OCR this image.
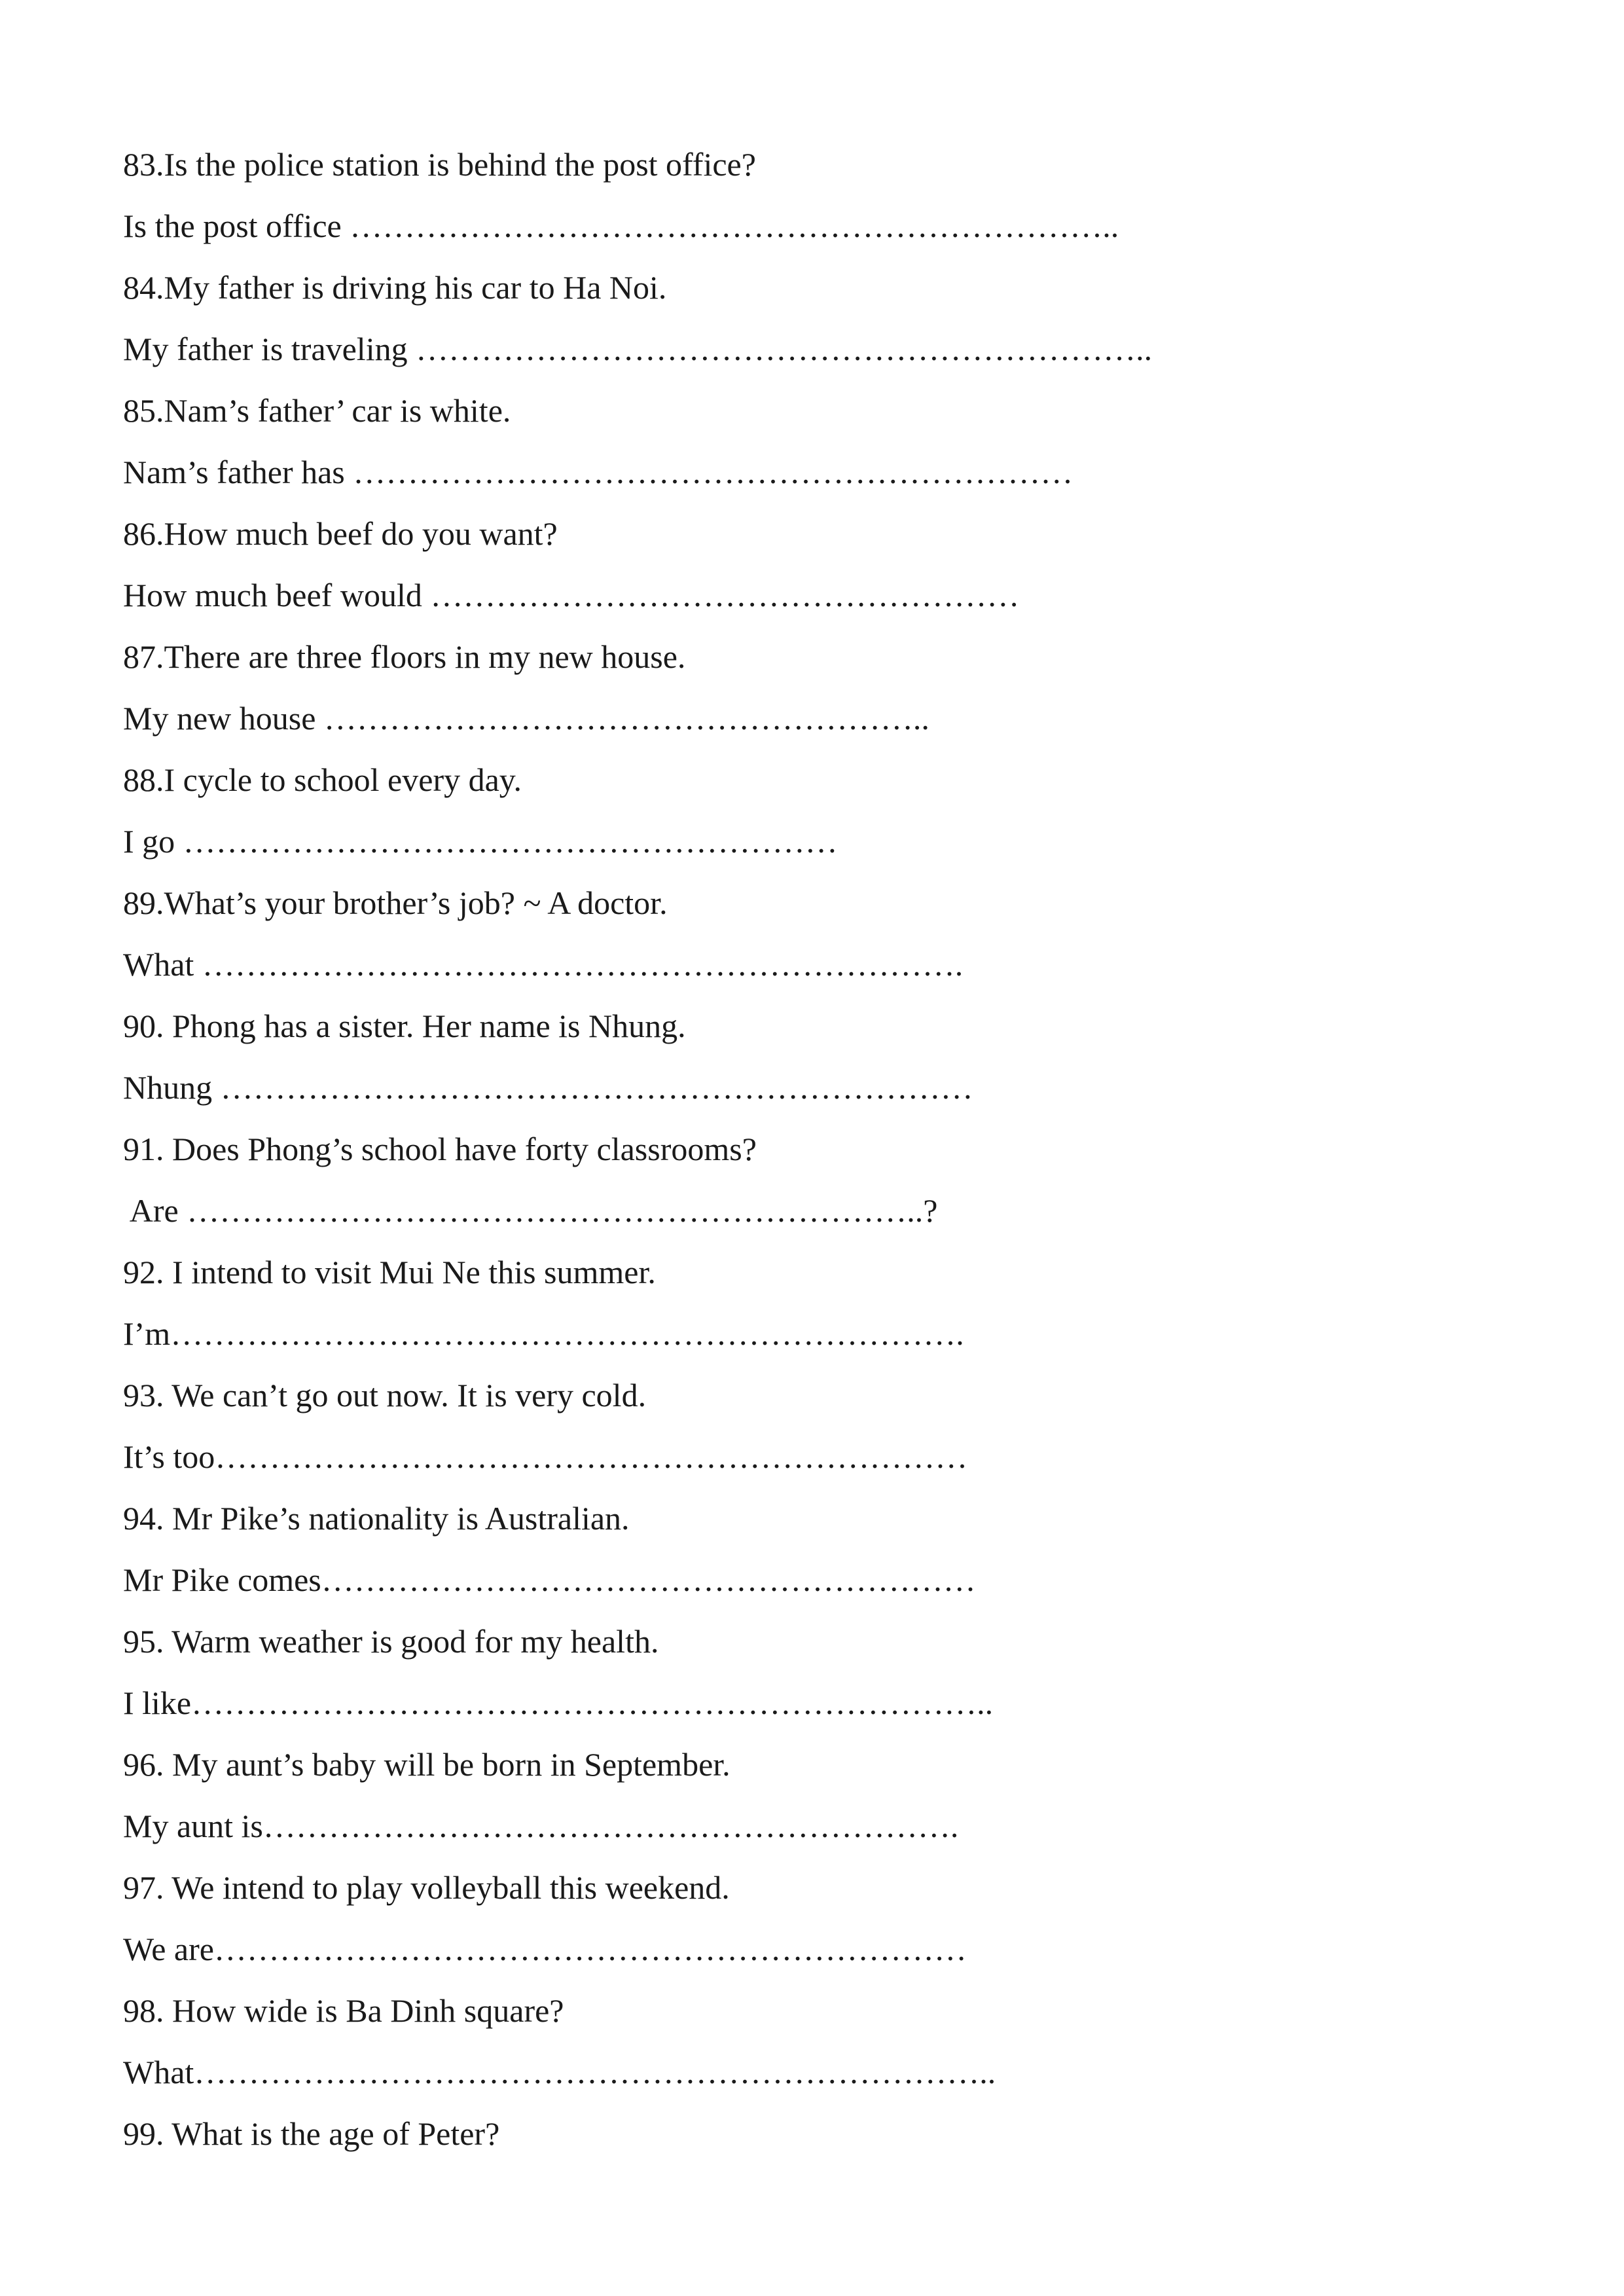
83.Is the police station is behind the post office?
Is the post office ……………………………………………………………..
84.My father is driving his car to Ha Noi.
My father is traveling …………………………………………………………..
85.Nam’s father’ car is white.
Nam’s father has …………………………………………………………
86.How much beef do you want?
How much beef would ………………………………………………
87.There are three floors in my new house.
My new house ………………………………………………..
88.I cycle to school every day.
I go ……………………………………………………
89.What’s your brother’s job? ~ A doctor.
What …………………………………………………………….
90. Phong has a sister. Her name is Nhung.
Nhung ……………………………………………………………
91. Does Phong’s school have forty classrooms?
Are …………………………………………………………..?
92. I intend to visit Mui Ne this summer.
I’m……………………………………………………………….
93. We can’t go out now. It is very cold.
It’s too……………………………………………………………
94. Mr Pike’s nationality is Australian.
Mr Pike comes……………………………………………………
95. Warm weather is good for my health.
I like………………………………………………………………..
96. My aunt’s baby will be born in September.
My aunt is……………………………………………………….
97. We intend to play volleyball this weekend.
We are……………………………………………………………
98. How wide is Ba Dinh square?
What………………………………………………………………..
99. What is the age of Peter?
